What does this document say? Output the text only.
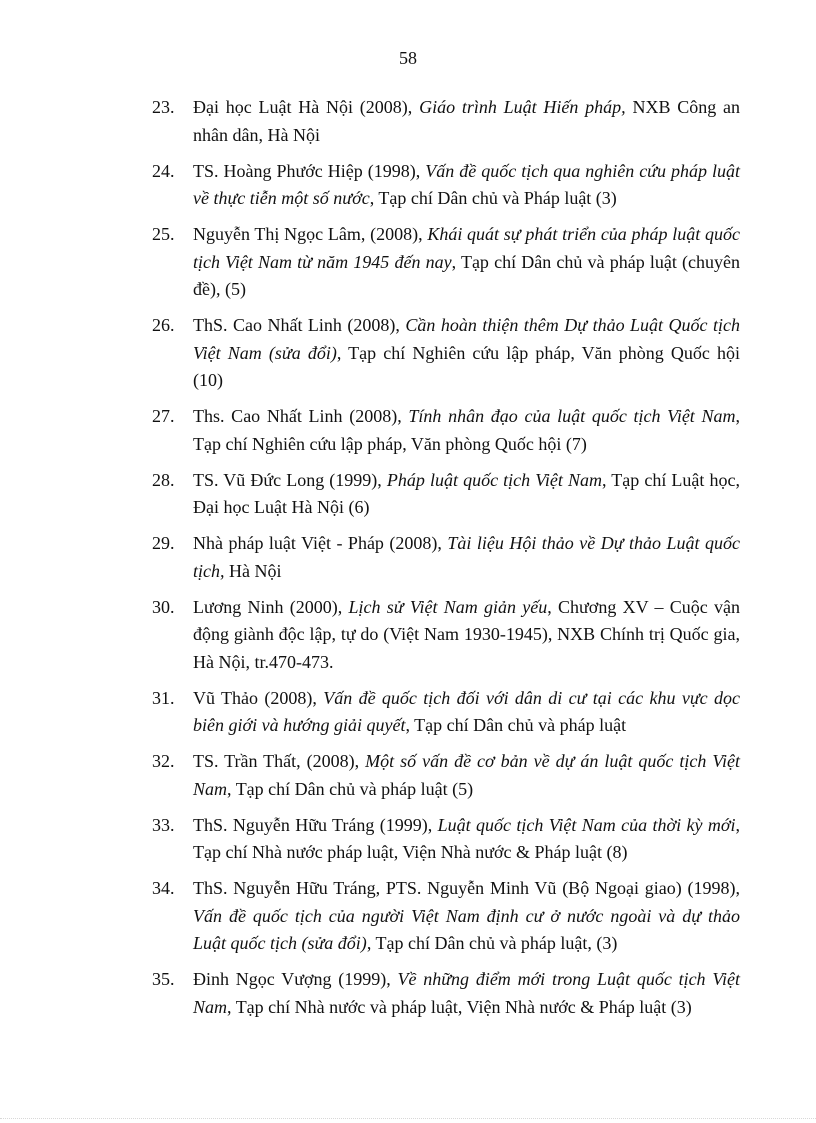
58
23. Đại học Luật Hà Nội (2008), Giáo trình Luật Hiến pháp, NXB Công an nhân dân, Hà Nội
24. TS. Hoàng Phước Hiệp (1998), Vấn đề quốc tịch qua nghiên cứu pháp luật về thực tiễn một số nước, Tạp chí Dân chủ và Pháp luật (3)
25. Nguyễn Thị Ngọc Lâm, (2008), Khái quát sự phát triển của pháp luật quốc tịch Việt Nam từ năm 1945 đến nay, Tạp chí Dân chủ và pháp luật (chuyên đề), (5)
26. ThS. Cao Nhất Linh (2008), Cần hoàn thiện thêm Dự thảo Luật Quốc tịch Việt Nam (sửa đổi), Tạp chí Nghiên cứu lập pháp, Văn phòng Quốc hội (10)
27. Ths. Cao Nhất Linh (2008), Tính nhân đạo của luật quốc tịch Việt Nam, Tạp chí Nghiên cứu lập pháp, Văn phòng Quốc hội (7)
28. TS. Vũ Đức Long (1999), Pháp luật quốc tịch Việt Nam, Tạp chí Luật học, Đại học Luật Hà Nội (6)
29. Nhà pháp luật Việt - Pháp (2008), Tài liệu Hội thảo về Dự thảo Luật quốc tịch, Hà Nội
30. Lương Ninh (2000), Lịch sử Việt Nam giản yếu, Chương XV – Cuộc vận động giành độc lập, tự do (Việt Nam 1930-1945), NXB Chính trị Quốc gia, Hà Nội, tr.470-473.
31. Vũ Thảo (2008), Vấn đề quốc tịch đối với dân di cư tại các khu vực dọc biên giới và hướng giải quyết, Tạp chí Dân chủ và pháp luật
32. TS. Trần Thất, (2008), Một số vấn đề cơ bản về dự án luật quốc tịch Việt Nam, Tạp chí Dân chủ và pháp luật (5)
33. ThS. Nguyễn Hữu Tráng (1999), Luật quốc tịch Việt Nam của thời kỳ mới, Tạp chí Nhà nước pháp luật, Viện Nhà nước & Pháp luật (8)
34. ThS. Nguyễn Hữu Tráng, PTS. Nguyễn Minh Vũ (Bộ Ngoại giao) (1998), Vấn đề quốc tịch của người Việt Nam định cư ở nước ngoài và dự thảo Luật quốc tịch (sửa đổi), Tạp chí Dân chủ và pháp luật, (3)
35. Đinh Ngọc Vượng (1999), Về những điểm mới trong Luật quốc tịch Việt Nam, Tạp chí Nhà nước và pháp luật, Viện Nhà nước & Pháp luật (3)
